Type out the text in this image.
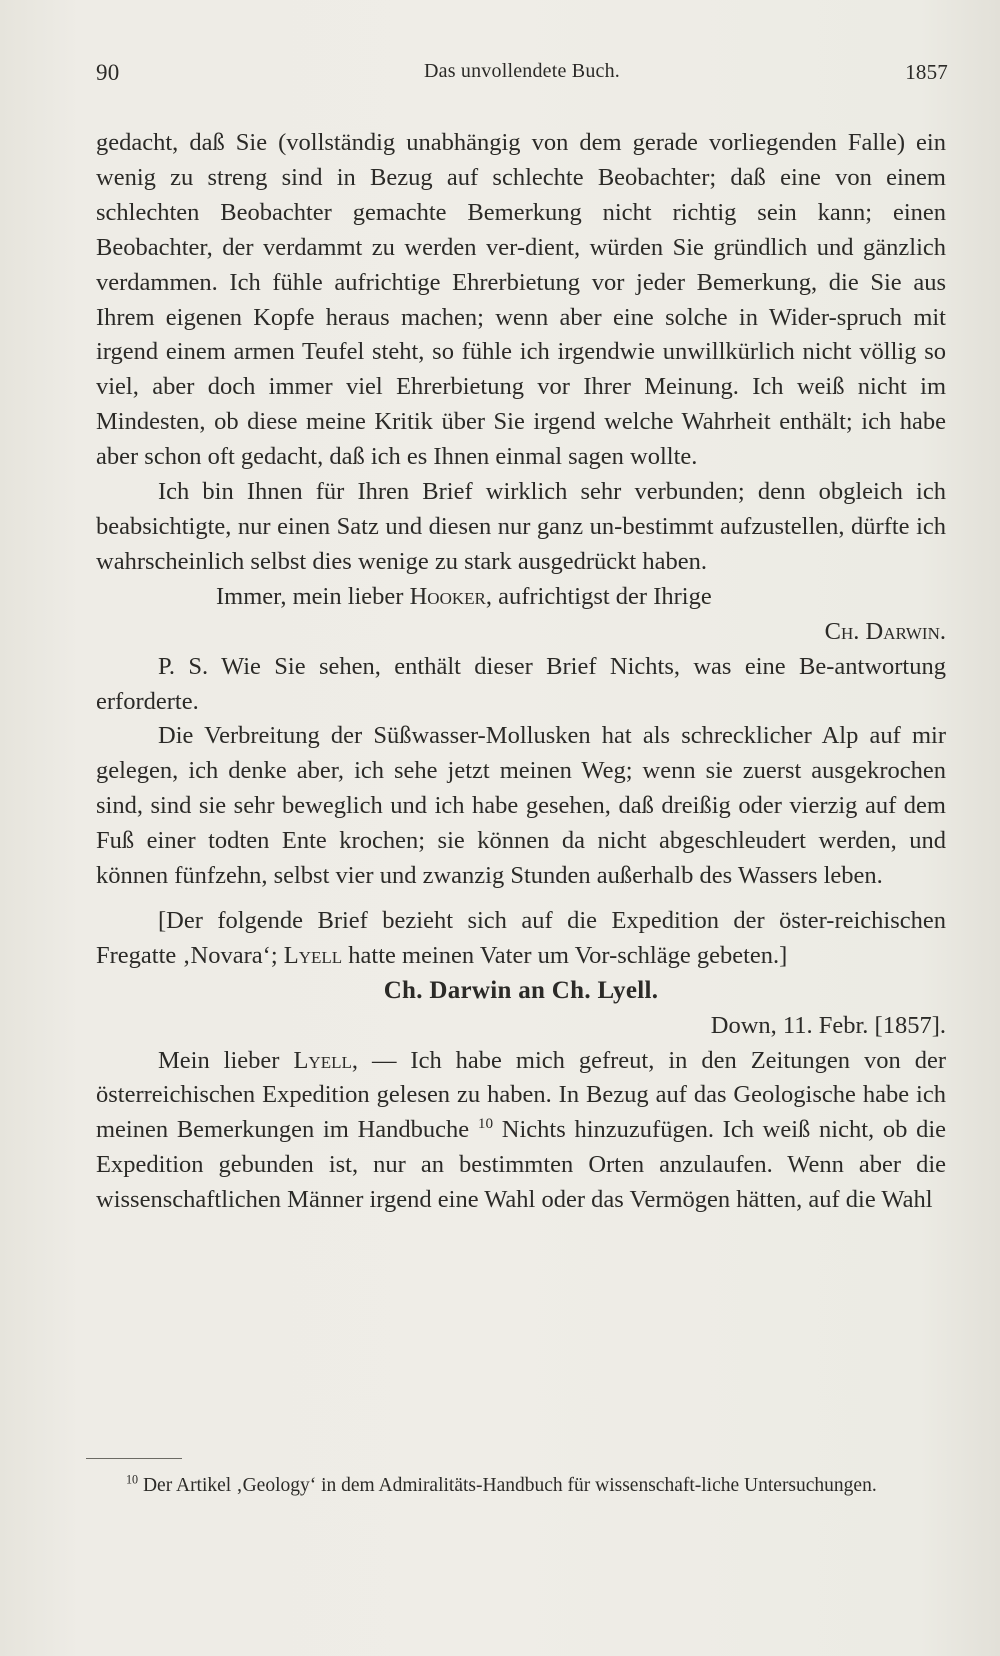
90	Das unvollendete Buch.	1857

gedacht, daß Sie (vollständig unabhängig von dem gerade vorliegenden Falle) ein wenig zu streng sind in Bezug auf schlechte Beobachter; daß eine von einem schlechten Beobachter gemachte Bemerkung nicht richtig sein kann; einen Beobachter, der verdammt zu werden ver-dient, würden Sie gründlich und gänzlich verdammen. Ich fühle aufrichtige Ehrerbietung vor jeder Bemerkung, die Sie aus Ihrem eigenen Kopfe heraus machen; wenn aber eine solche in Wider-spruch mit irgend einem armen Teufel steht, so fühle ich irgendwie unwillkürlich nicht völlig so viel, aber doch immer viel Ehrerbietung vor Ihrer Meinung. Ich weiß nicht im Mindesten, ob diese meine Kritik über Sie irgend welche Wahrheit enthält; ich habe aber schon oft gedacht, daß ich es Ihnen einmal sagen wollte.

Ich bin Ihnen für Ihren Brief wirklich sehr verbunden; denn obgleich ich beabsichtigte, nur einen Satz und diesen nur ganz un-bestimmt aufzustellen, dürfte ich wahrscheinlich selbst dies wenige zu stark ausgedrückt haben.

Immer, mein lieber Hooker, aufrichtigst der Ihrige

Ch. Darwin.

P. S. Wie Sie sehen, enthält dieser Brief Nichts, was eine Be-antwortung erforderte.

Die Verbreitung der Süßwasser-Mollusken hat als schrecklicher Alp auf mir gelegen, ich denke aber, ich sehe jetzt meinen Weg; wenn sie zuerst ausgekrochen sind, sind sie sehr beweglich und ich habe gesehen, daß dreißig oder vierzig auf dem Fuß einer todten Ente krochen; sie können da nicht abgeschleudert werden, und können fünfzehn, selbst vier und zwanzig Stunden außerhalb des Wassers leben.

[Der folgende Brief bezieht sich auf die Expedition der öster-reichischen Fregatte ‚Novara‘; Lyell hatte meinen Vater um Vor-schläge gebeten.]

Ch. Darwin an Ch. Lyell.

Down, 11. Febr. [1857].

Mein lieber Lyell, — Ich habe mich gefreut, in den Zeitungen von der österreichischen Expedition gelesen zu haben. In Bezug auf das Geologische habe ich meinen Bemerkungen im Handbuche $^{10}$ Nichts hinzuzufügen. Ich weiß nicht, ob die Expedition gebunden ist, nur an bestimmten Orten anzulaufen. Wenn aber die wissenschaftlichen Männer irgend eine Wahl oder das Vermögen hätten, auf die Wahl

$^{10}$ Der Artikel ‚Geology‘ in dem Admiralitäts-Handbuch für wissenschaft-liche Untersuchungen.
